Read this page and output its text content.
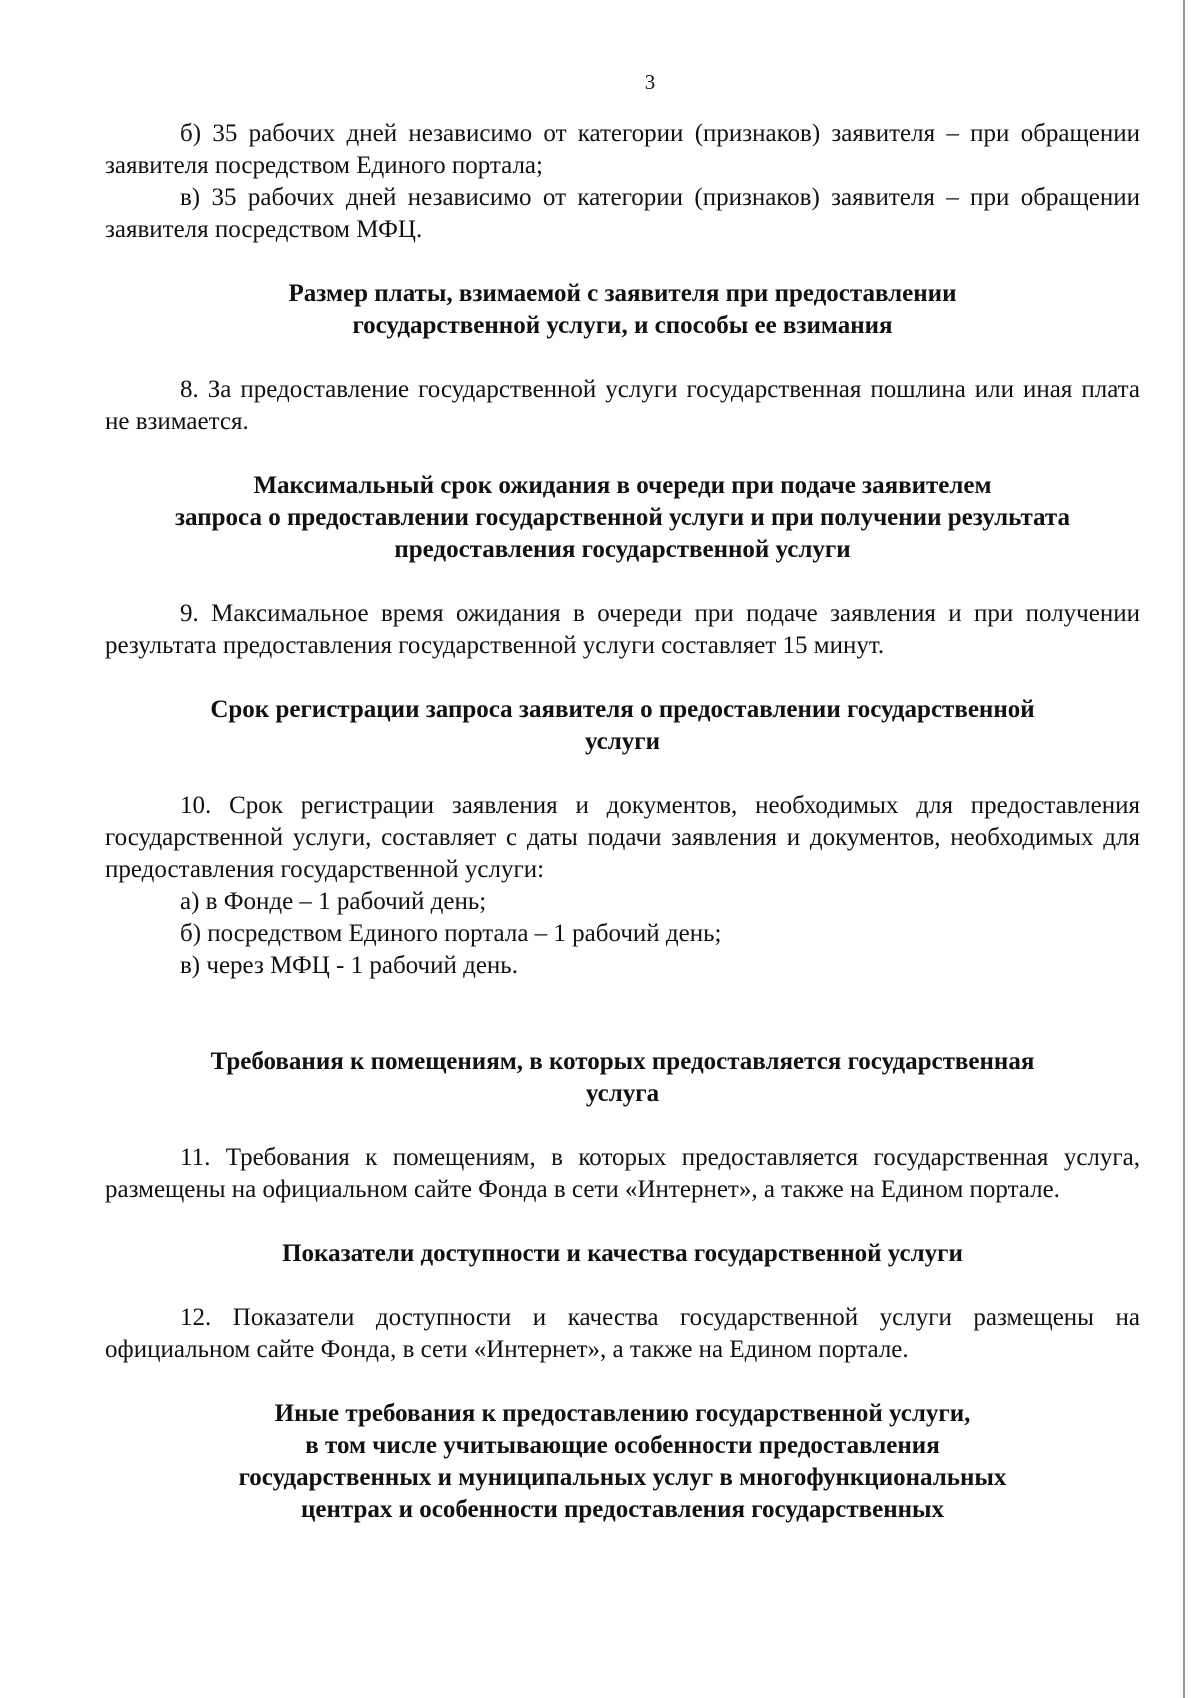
3

б) 35 рабочих дней независимо от категории (признаков) заявителя – при обращении заявителя посредством Единого портала;

в) 35 рабочих дней независимо от категории (признаков) заявителя – при обращении заявителя посредством МФЦ.

Размер платы, взимаемой с заявителя при предоставлении
государственной услуги, и способы ее взимания

8. За предоставление государственной услуги государственная пошлина или иная плата не взимается.

Максимальный срок ожидания в очереди при подаче заявителем
запроса о предоставлении государственной услуги и при получении результата
предоставления государственной услуги

9. Максимальное время ожидания в очереди при подаче заявления и при получении результата предоставления государственной услуги составляет 15 минут.

Срок регистрации запроса заявителя о предоставлении государственной
услуги

10. Срок регистрации заявления и документов, необходимых для предоставления государственной услуги, составляет с даты подачи заявления и документов, необходимых для предоставления государственной услуги:

а) в Фонде – 1 рабочий день;

б) посредством Единого портала – 1 рабочий день;

в) через МФЦ - 1 рабочий день.

Требования к помещениям, в которых предоставляется государственная
услуга

11. Требования к помещениям, в которых предоставляется государственная услуга, размещены на официальном сайте Фонда в сети «Интернет», а также на Едином портале.

Показатели доступности и качества государственной услуги

12. Показатели доступности и качества государственной услуги размещены на официальном сайте Фонда, в сети «Интернет», а также на Едином портале.

Иные требования к предоставлению государственной услуги,
в том числе учитывающие особенности предоставления
государственных и муниципальных услуг в многофункциональных
центрах и особенности предоставления государственных
